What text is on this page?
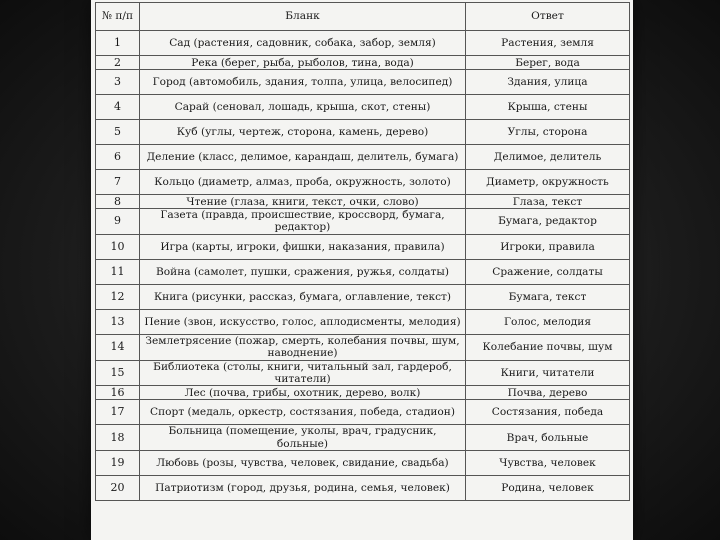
№ п/п	Бланк	Ответ
1	Сад (растения, садовник, собака, забор, земля)	Растения, земля
2	Река (берег, рыба, рыболов, тина, вода)	Берег, вода
3	Город (автомобиль, здания, толпа, улица, велосипед)	Здания, улица
4	Сарай (сеновал, лошадь, крыша, скот, стены)	Крыша, стены
5	Куб (углы, чертеж, сторона, камень, дерево)	Углы, сторона
6	Деление (класс, делимое, карандаш, делитель, бумага)	Делимое, делитель
7	Кольцо (диаметр, алмаз, проба, окружность, золото)	Диаметр, окружность
8	Чтение (глаза, книги, текст, очки, слово)	Глаза, текст
9	Газета (правда, происшествие, кроссворд, бумага, редактор)	Бумага, редактор
10	Игра (карты, игроки, фишки, наказания, правила)	Игроки, правила
11	Война (самолет, пушки, сражения, ружья, солдаты)	Сражение, солдаты
12	Книга (рисунки, рассказ, бумага, оглавление, текст)	Бумага, текст
13	Пение (звон, искусство, голос, аплодисменты, мелодия)	Голос, мелодия
14	Землетрясение (пожар, смерть, колебания почвы, шум, наводнение)	Колебание почвы, шум
15	Библиотека (столы, книги, читальный зал, гардероб, читатели)	Книги, читатели
16	Лес (почва, грибы, охотник, дерево, волк)	Почва, дерево
17	Спорт (медаль, оркестр, состязания, победа, стадион)	Состязания, победа
18	Больница (помещение, уколы, врач, градусник, больные)	Врач, больные
19	Любовь (розы, чувства, человек, свидание, свадьба)	Чувства, человек
20	Патриотизм (город, друзья, родина, семья, человек)	Родина, человек
